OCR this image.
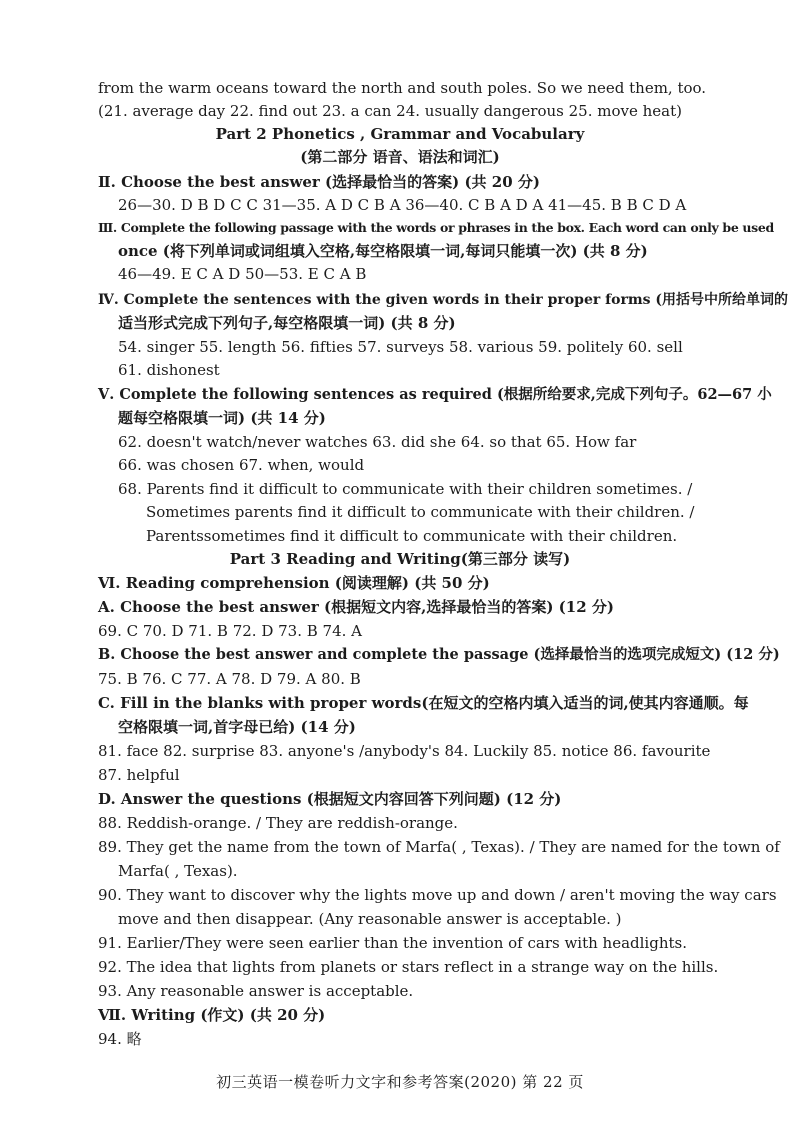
from the warm oceans toward the north and south poles. So we need them, too.
(21. average day 22. find out 23. a can 24. usually dangerous 25. move heat)
Part 2 Phonetics , Grammar and Vocabulary
(第二部分 语音、语法和词汇)
Ⅱ. Choose the best answer (选择最恰当的答案) (共 20 分)
26—30. D B D C C 31—35. A D C B A 36—40. C B A D A 41—45. B B C D A
Ⅲ. Complete the following passage with the words or phrases in the box. Each word can only be used
once (将下列单词或词组填入空格,每空格限填一词,每词只能填一次) (共 8 分)
46—49. E C A D 50—53. E C A B
Ⅳ. Complete the sentences with the given words in their proper forms (用括号中所给单词的
适当形式完成下列句子,每空格限填一词) (共 8 分)
54. singer 55. length 56. fifties 57. surveys 58. various 59. politely 60. sell
61. dishonest
Ⅴ. Complete the following sentences as required (根据所给要求,完成下列句子。62—67 小
题每空格限填一词) (共 14 分)
62. doesn't watch/never watches 63. did she 64. so that 65. How far
66. was chosen 67. when, would
68. Parents find it difficult to communicate with their children sometimes. /
Sometimes parents find it difficult to communicate with their children. /
Parentssometimes find it difficult to communicate with their children.
Part 3 Reading and Writing(第三部分 读写)
Ⅵ. Reading comprehension (阅读理解) (共 50 分)
A. Choose the best answer (根据短文内容,选择最恰当的答案) (12 分)
69. C 70. D 71. B 72. D 73. B 74. A
B. Choose the best answer and complete the passage (选择最恰当的选项完成短文) (12 分)
75. B 76. C 77. A 78. D 79. A 80. B
C. Fill in the blanks with proper words(在短文的空格内填入适当的词,使其内容通顺。每
空格限填一词,首字母已给) (14 分)
81. face 82. surprise 83. anyone's /anybody's 84. Luckily 85. notice 86. favourite
87. helpful
D. Answer the questions (根据短文内容回答下列问题) (12 分)
88. Reddish-orange. / They are reddish-orange.
89. They get the name from the town of Marfa( , Texas). / They are named for the town of
Marfa( , Texas).
90. They want to discover why the lights move up and down / aren't moving the way cars
move and then disappear. (Any reasonable answer is acceptable. )
91. Earlier/They were seen earlier than the invention of cars with headlights.
92. The idea that lights from planets or stars reflect in a strange way on the hills.
93. Any reasonable answer is acceptable.
Ⅶ. Writing (作文) (共 20 分)
94. 略
初三英语一模卷听力文字和参考答案(2020) 第 22 页
